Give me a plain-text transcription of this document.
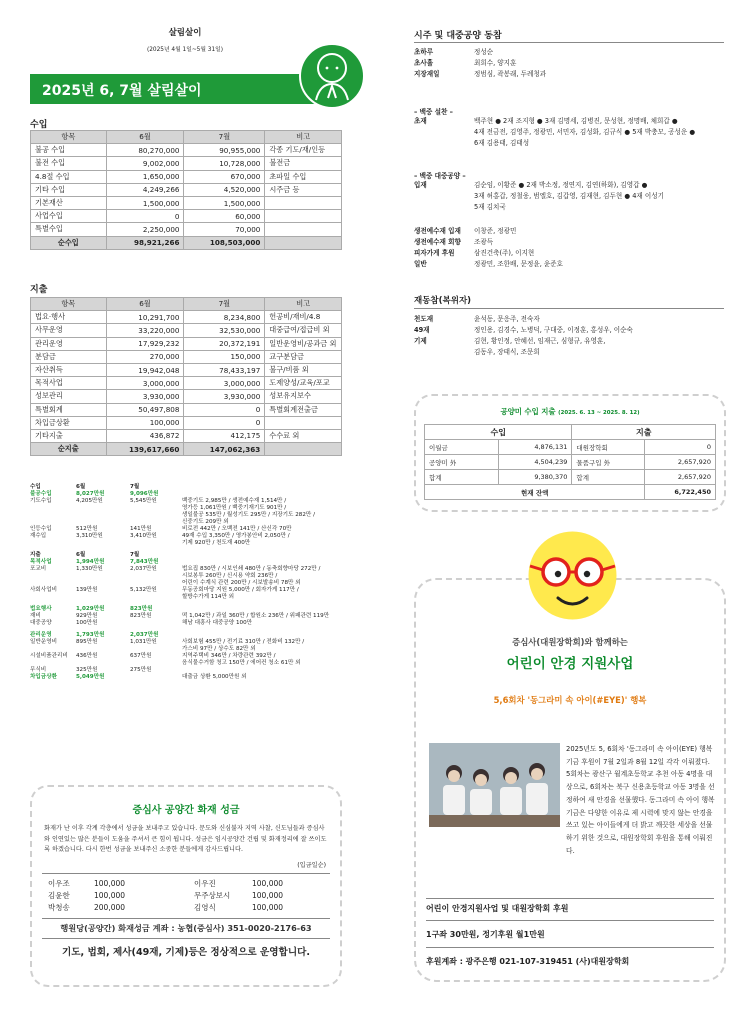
살림살이
(2025년 4월 1일~5월 31일)
2025년 6, 7월 살림살이
수입
항목	6월	7월	비고
불공 수입	80,270,000	90,955,000	각종 기도/재/인등
불전 수입	9,002,000	10,728,000	불전금
4.8절 수입	1,650,000	670,000	초파일 수입
기타 수입	4,249,266	4,520,000	시주금 등
기본재산	1,500,000	1,500,000	
사업수입	0	60,000	
특별수입	2,250,000	70,000	
순수입	98,921,266	108,503,000	
지출
항목	6월	7월	비고
법요·행사	10,291,700	8,234,800	헌공비/재비/4.8
사무운영	33,220,000	32,530,000	대중급여/접급비 외
관리운영	17,929,232	20,372,191	일반운영비/공과금 외
분담금	270,000	150,000	교구분담금
자산취득	19,942,048	78,433,197	불구/비품 외
목적사업	3,000,000	3,000,000	도제양성/교육/포교
성보관리	3,930,000	3,930,000	성보유지보수
특별회계	50,497,808	0	특별회계전출금
차입금상환	100,000	0	
기타지출	436,872	412,175	수수료 외
순지출	139,617,660	147,062,363	
수입	6월	7월
불공수입	8,027만원	9,096만원
기도수입	4,205만원	5,545만원	백중기도 2,985만 / 생전예수재 1,514만 /
영가등 1,061만원 / 백중기재기도 901만 /
생일불공 535만 / 월성기도 295만 / 지장기도 282만 /
신중기도 209만 외
인등수입	512만원	141만원	비로전 442만 / 오백전 141만 / 산신각 70만
재수입	3,310만원	3,410만원	49재 수입 3,350만 / 영가봉안비 2,050만 /
기제 920만 / 천도재 400만
지출	6월	7월
목적사업	1,994만원	7,843만원
포교비	1,330만원	2,037만원	법요집 830만 / 시보인쇄 480만 / 동축회향마당 272만 /
시보봉투 260만 / 신시용 약회 236만 /
어린이 수계식 관련 200만 / 시보발송비 78만 외
사회사업비	139만원	5,132만원	무동공회마당 지원 5,000만 / 회자가게 117만 /
할방수가게 114만 외
법요행사	1,029만원	823만원
재비	929만원	823만원	떡 1,042만 / 과일 360만 / 합원소 236만 / 위패관련 119만
대중공양	100만원	해남 대흥사 대중공양 100만
관리운영	1,793만원	2,037만원
일반운영비	895만원	1,031만원	사회보험 455만 / 전기료 310만 / 전화비 132만 /
가스비 97만 / 상수도 82만 외
시설비품관리비	436만원	637만원	지역주택비 346만 / 차량관련 392만 /
음식물수거함 청고 150만 / 에어컨 청소 61만 외
무식비	325만원	275만원
차입금상환	5,049만원	대출금 상환 5,000만원 외
증심사 공양간 화재 성금
화재가 난 이후 각계 각층에서 성금을 보내주고 있습니다. 문도와 신심불자 지역 사찰, 신도님들과 증심사와 인연있는 많은 분들이 도움을 주셔서 큰 힘이 됩니다. 성금은 임시공양간 건립 및 화재정리에 잘 쓰이도록 하겠습니다. 다시 한번 성금을 보내주신 소중한 분들에게 감사드립니다.
(입금일순)
이우조	100,000	이우진	100,000
김윤한	100,000	무주상보시	100,000
박청송	200,000	김영식	100,000
행원당(공양간) 화재성금 계좌 : 농협(증심사) 351-0020-2176-63
기도, 법회, 제사(49재, 기제)등은 정상적으로 운영합니다.
시주 및 대중공양 동참
초하루	정성순
초사흘	최희수, 양지훈
지장재일	정범심, 곽봉래, 두례청과
– 백중 설찬 –
초재	백주현 ● 2재 조지형 ● 3재 김명세, 김병진, 문성현, 정명배, 체희갑 ●
4재 전금전, 김영주, 정광민, 서민자, 김성화, 김규식 ● 5재 박충모, 공성운 ●
6재 김용태, 김태성
– 백중 대중공양 –
입재	김순임, 이황준 ● 2재 박소정, 정연지, 김연(하화), 김영갑 ●
3재 허홍갑, 정철웅, 범엘호, 김갑영, 김재현, 김두현 ● 4재 이성기
5재 김치국
생전예수재 입재	이창준, 정광민
생전예수재 회향	조광득
피자가게 후원	삼진건축(주), 이지현
일반	정광민, 조한배, 문정윤, 윤준호
재동참(복위자)
천도재	윤석동, 문응주, 전숙자
49재	정인용, 김경수, 노병덕, 구대중, 이정훈, 홍성우, 이순숙
기제	김현, 황인정, 안혜선, 임재근, 심형규, 유영훈,
김동우, 장태식, 조문희
공양미 수입 지출 (2025. 6. 13 ~ 2025. 8. 12)
수입		지출	
이월금	4,876,131	대원장학회	0
공양미 外	4,504,239	물품구입 外	2,657,920
합계	9,380,370	합계	2,657,920
현재 잔액			6,722,450
증심사(대원장학회)와 함께하는
어린이 안경 지원사업
5,6회차 '동그라미 속 아이(#EYE)' 행복
2025년도 5, 6회차 '동그라미 속 아이(EYE) 행복기금 후원이 7월 2일과 8월 12일 각각 이뤄졌다. 5회차는 광산구 월계초등학교 추천 아동 4명을 대상으로, 6회차는 북구 신용초등학교 아동 3명을 선정하여 새 안경을 선물했다. 동그라미 속 아이 행복기금은 다양한 이유로 제 시력에 맞지 않는 안경을 쓰고 있는 아이들에게 더 밝고 깨끗한 세상을 선물하기 위한 것으로, 대원장학회 후원을 통해 이뤄진다.
어린이 안경지원사업 및 대원장학회 후원
1구좌 30만원, 정기후원 월1만원
후원계좌 : 광주은행 021-107-319451 (사)대원장학회
